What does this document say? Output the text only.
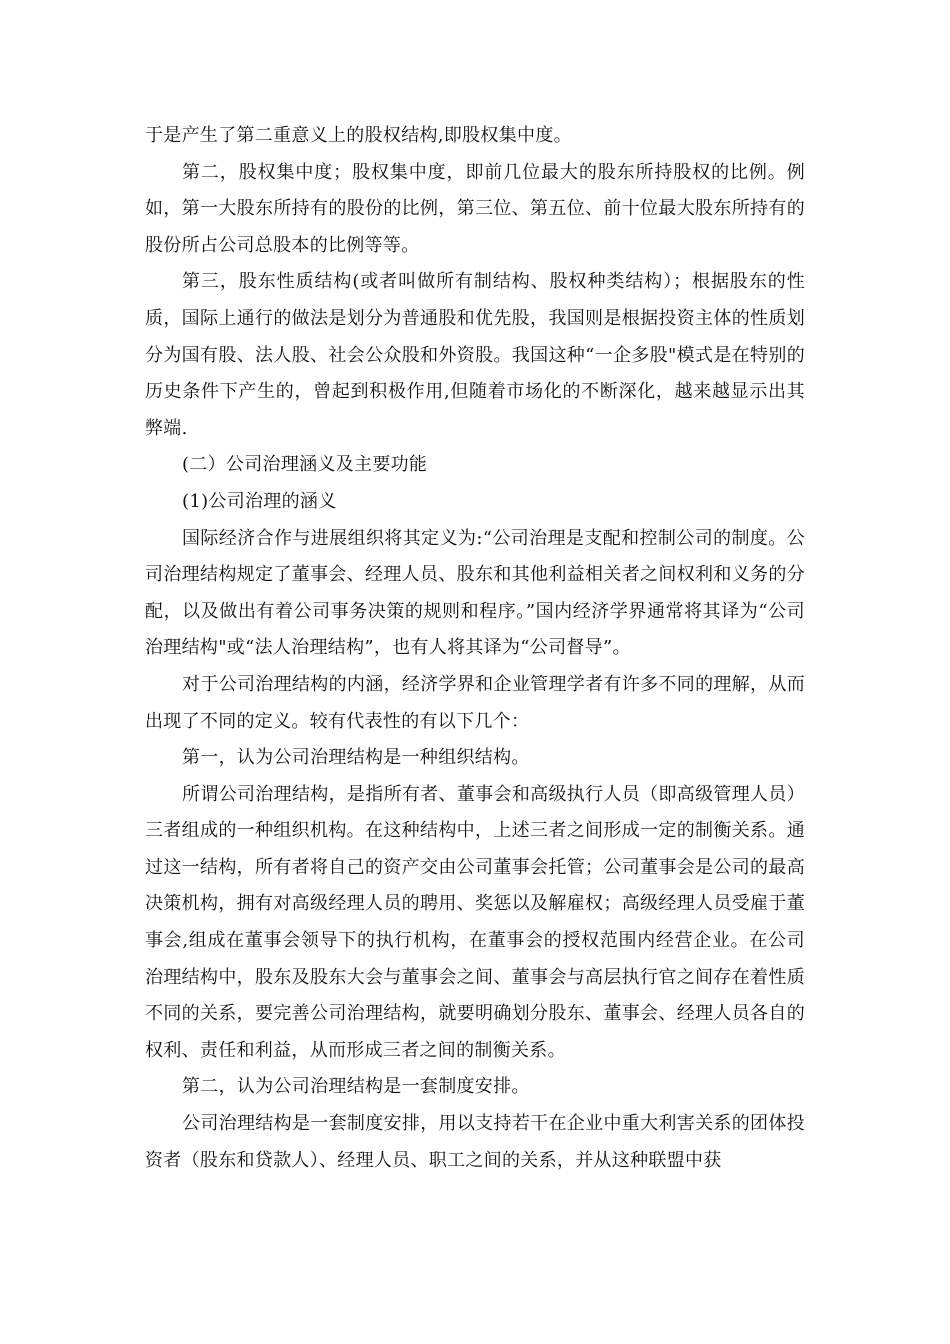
于是产生了第二重意义上的股权结构,即股权集中度。

第二，股权集中度；股权集中度，即前几位最大的股东所持股权的比例。例如，第一大股东所持有的股份的比例，第三位、第五位、前十位最大股东所持有的股份所占公司总股本的比例等等。

第三，股东性质结构(或者叫做所有制结构、股权种类结构）；根据股东的性质，国际上通行的做法是划分为普通股和优先股，我国则是根据投资主体的性质划分为国有股、法人股、社会公众股和外资股。我国这种“一企多股"模式是在特别的历史条件下产生的，曾起到积极作用,但随着市场化的不断深化，越来越显示出其弊端.

(二）公司治理涵义及主要功能

(1)公司治理的涵义

国际经济合作与进展组织将其定义为:“公司治理是支配和控制公司的制度。公司治理结构规定了董事会、经理人员、股东和其他利益相关者之间权利和义务的分配，以及做出有着公司事务决策的规则和程序。”国内经济学界通常将其译为“公司治理结构"或“法人治理结构”，也有人将其译为“公司督导”。

对于公司治理结构的内涵，经济学界和企业管理学者有许多不同的理解，从而出现了不同的定义。较有代表性的有以下几个：

第一，认为公司治理结构是一种组织结构。

所谓公司治理结构，是指所有者、董事会和高级执行人员（即高级管理人员）三者组成的一种组织机构。在这种结构中，上述三者之间形成一定的制衡关系。通过这一结构，所有者将自己的资产交由公司董事会托管；公司董事会是公司的最高决策机构，拥有对高级经理人员的聘用、奖惩以及解雇权；高级经理人员受雇于董事会,组成在董事会领导下的执行机构，在董事会的授权范围内经营企业。在公司治理结构中，股东及股东大会与董事会之间、董事会与高层执行官之间存在着性质不同的关系，要完善公司治理结构，就要明确划分股东、董事会、经理人员各自的权利、责任和利益，从而形成三者之间的制衡关系。

第二，认为公司治理结构是一套制度安排。

公司治理结构是一套制度安排，用以支持若干在企业中重大利害关系的团体投资者（股东和贷款人）、经理人员、职工之间的关系，并从这种联盟中获
